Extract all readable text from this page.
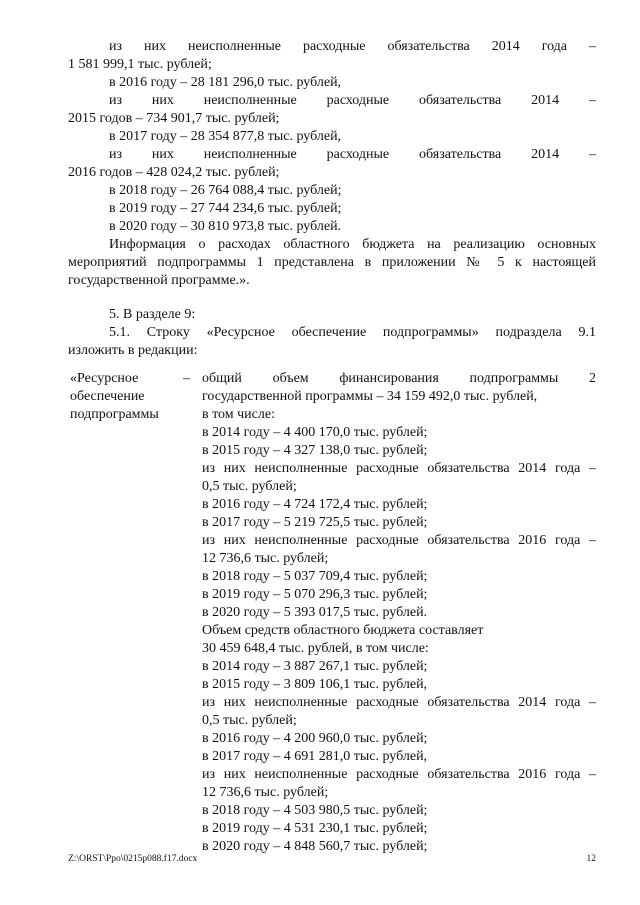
из них неисполненные расходные обязательства 2014 года –
1 581 999,1 тыс. рублей;
в 2016 году – 28 181 296,0 тыс. рублей,
из них неисполненные расходные обязательства 2014 –
2015 годов – 734 901,7 тыс. рублей;
в 2017 году – 28 354 877,8 тыс. рублей,
из них неисполненные расходные обязательства 2014 –
2016 годов – 428 024,2 тыс. рублей;
в 2018 году – 26 764 088,4 тыс. рублей;
в 2019 году – 27 744 234,6 тыс. рублей;
в 2020 году – 30 810 973,8 тыс. рублей.
Информация о расходах областного бюджета на реализацию основных
мероприятий подпрограммы 1 представлена в приложении № 5 к настоящей
государственной программе.».
5. В разделе 9:
5.1. Строку «Ресурсное обеспечение подпрограммы» подраздела 9.1
изложить в редакции:
«Ресурсное
обеспечение
подпрограммы
– общий объем финансирования подпрограммы 2
государственной программы – 34 159 492,0 тыс. рублей,
в том числе:
в 2014 году – 4 400 170,0 тыс. рублей;
в 2015 году – 4 327 138,0 тыс. рублей;
из них неисполненные расходные обязательства 2014 года –
0,5 тыс. рублей;
в 2016 году – 4 724 172,4 тыс. рублей;
в 2017 году – 5 219 725,5 тыс. рублей;
из них неисполненные расходные обязательства 2016 года –
12 736,6 тыс. рублей;
в 2018 году – 5 037 709,4 тыс. рублей;
в 2019 году – 5 070 296,3 тыс. рублей;
в 2020 году – 5 393 017,5 тыс. рублей.
Объем средств областного бюджета составляет
30 459 648,4 тыс. рублей, в том числе:
в 2014 году – 3 887 267,1 тыс. рублей;
в 2015 году – 3 809 106,1 тыс. рублей,
из них неисполненные расходные обязательства 2014 года –
0,5 тыс. рублей;
в 2016 году – 4 200 960,0 тыс. рублей;
в 2017 году – 4 691 281,0 тыс. рублей,
из них неисполненные расходные обязательства 2016 года –
12 736,6 тыс. рублей;
в 2018 году – 4 503 980,5 тыс. рублей;
в 2019 году – 4 531 230,1 тыс. рублей;
в 2020 году – 4 848 560,7 тыс. рублей;
Z:\ORST\Ppo\0215p088.f17.docx	12
